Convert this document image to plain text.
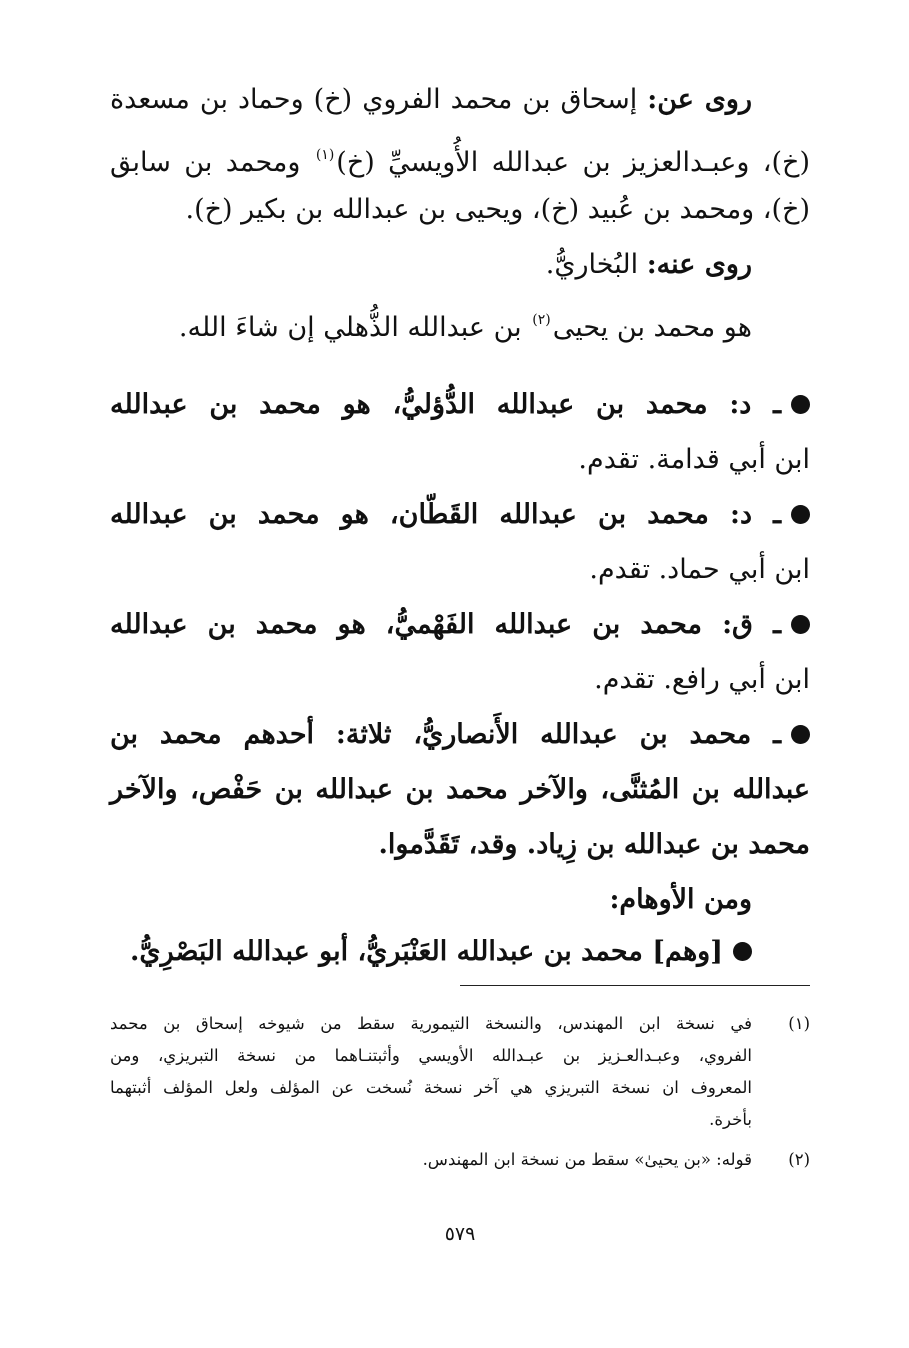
روى عن: إسحاق بن محمد الفروي (خ) وحماد بن مسعدة
(خ)، وعبـدالعزيز بن عبدالله الأُويسيِّ (خ)$^{(١)}$ ومحمد بن سابق
(خ)، ومحمد بن عُبيد (خ)، ويحيى بن عبدالله بن بكير (خ).
روى عنه: البُخاريُّ.
هو محمد بن يحيى$^{(٢)}$ بن عبدالله الذُّهلي إن شاءَ الله.
ـ د: محمد بن عبدالله الدُّؤليُّ، هو محمد بن عبدالله
ابن أبي قدامة. تقدم.
ـ د: محمد بن عبدالله القَطّان، هو محمد بن عبدالله
ابن أبي حماد. تقدم.
ـ ق: محمد بن عبدالله الفَهْميُّ، هو محمد بن عبدالله
ابن أبي رافع. تقدم.
ـ محمد بن عبدالله الأَنصاريُّ، ثلاثة: أحدهم محمد بن
عبدالله بن المُثنَّى، والآخر محمد بن عبدالله بن حَفْص، والآخر
محمد بن عبدالله بن زِياد. وقد، تَقَدَّموا.
ومن الأوهام:
[وهم] محمد بن عبدالله العَنْبَريُّ، أبو عبدالله البَصْرِيُّ.
(١)
في نسخة ابن المهندس، والنسخة التيمورية سقط من شيوخه إسحاق بن محمد
الفروي، وعبـدالعـزيز بن عبـدالله الأويسي وأثبتنـاهما من نسخة التبريزي، ومن
المعروف ان نسخة التبريزي هي آخر نسخة نُسخت عن المؤلف ولعل المؤلف أثبتهما
بأخرة.
(٢)
قوله: «بن يحيىٰ» سقط من نسخة ابن المهندس.
٥٧٩
